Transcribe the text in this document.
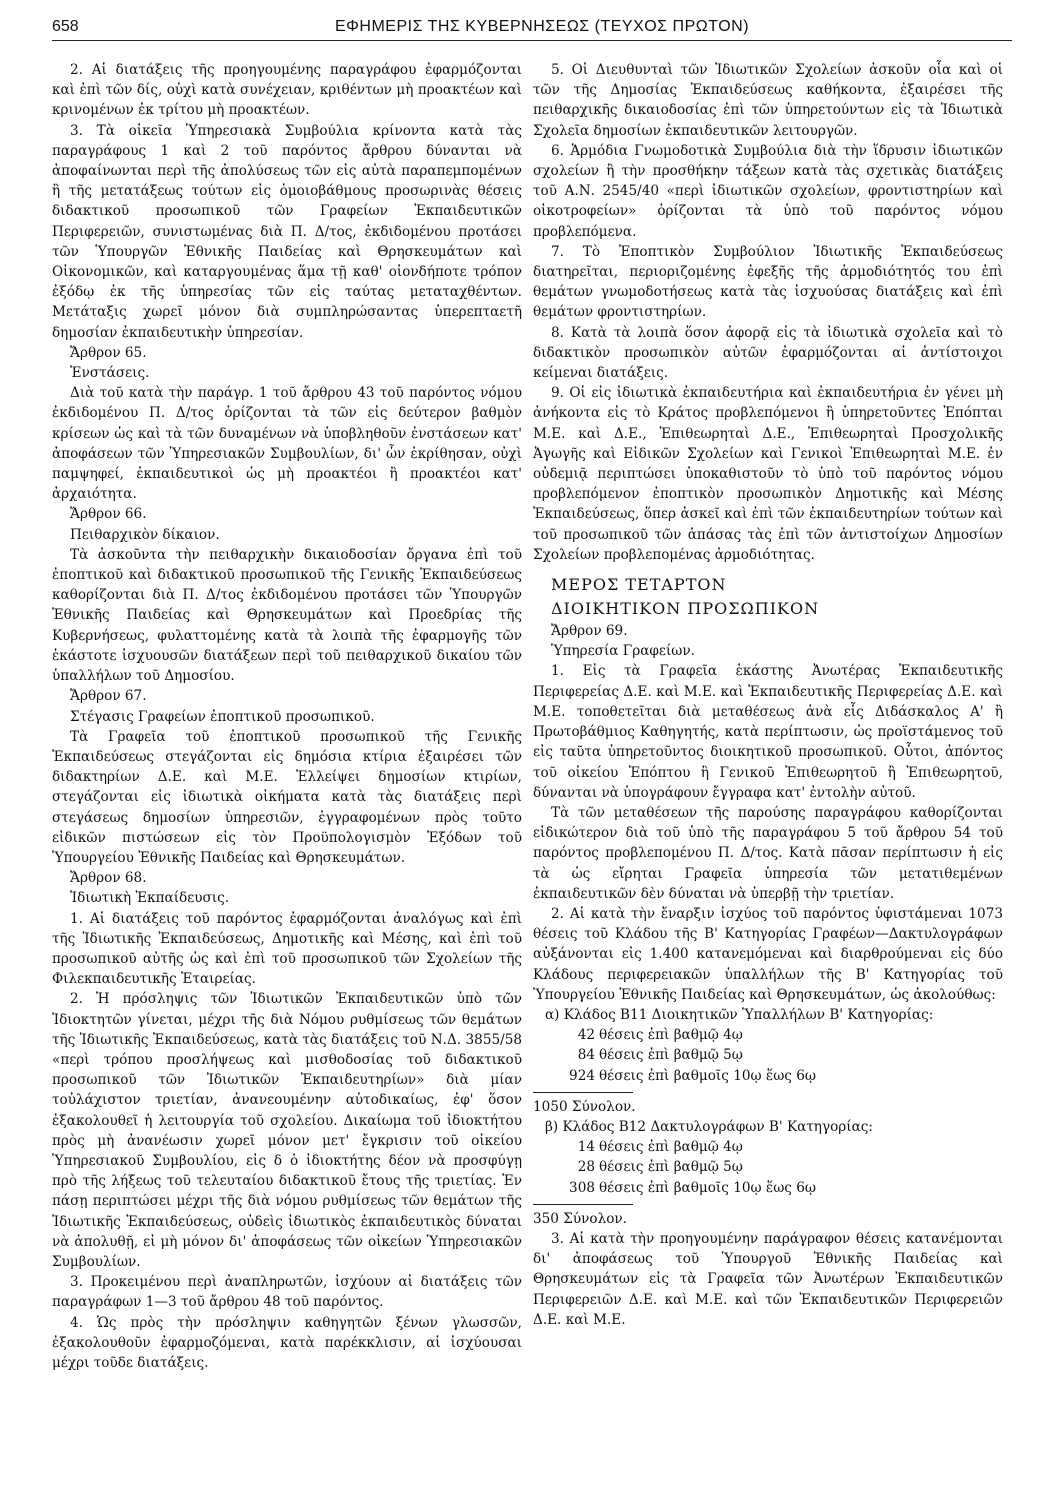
658	ΕΦΗΜΕΡΙΣ ΤΗΣ ΚΥΒΕΡΝΗΣΕΩΣ (ΤΕΥΧΟΣ ΠΡΩΤΟΝ)

2. Αἱ διατάξεις τῆς προηγουμένης παραγράφου ἐφαρμόζονται καὶ ἐπὶ τῶν δίς, οὐχὶ κατὰ συνέχειαν, κριθέντων μὴ προακτέων καὶ κρινομένων ἐκ τρίτου μὴ προακτέων.

3. Τὰ οἰκεῖα Ὑπηρεσιακὰ Συμβούλια κρίνοντα κατὰ τὰς παραγράφους 1 καὶ 2 τοῦ παρόντος ἄρθρου δύνανται νὰ ἀποφαίνωνται περὶ τῆς ἀπολύσεως τῶν εἰς αὐτὰ παραπεμπομένων ἢ τῆς μετατάξεως τούτων εἰς ὁμοιοβάθμους προσωρινὰς θέσεις διδακτικοῦ προσωπικοῦ τῶν Γραφείων Ἐκπαιδευτικῶν Περιφερειῶν, συνιστωμένας διὰ Π. Δ/τος, ἐκδιδομένου προτάσει τῶν Ὑπουργῶν Ἐθνικῆς Παιδείας καὶ Θρησκευμάτων καὶ Οἰκονομικῶν, καὶ καταργουμένας ἅμα τῇ καθ' οἱονδήποτε τρόπον ἐξόδῳ ἐκ τῆς ὑπηρεσίας τῶν εἰς ταύτας μεταταχθέντων. Μετάταξις χωρεῖ μόνον διὰ συμπληρώσαντας ὑπερεπταετῆ δημοσίαν ἐκπαιδευτικὴν ὑπηρεσίαν.

Ἄρθρον 65.

Ἐνστάσεις.

Διὰ τοῦ κατὰ τὴν παράγρ. 1 τοῦ ἄρθρου 43 τοῦ παρόντος νόμου ἐκδιδομένου Π. Δ/τος ὁρίζονται τὰ τῶν εἰς δεύτερον βαθμὸν κρίσεων ὡς καὶ τὰ τῶν δυναμένων νὰ ὑποβληθοῦν ἐνστάσεων κατ' ἀποφάσεων τῶν Ὑπηρεσιακῶν Συμβουλίων, δι' ὧν ἐκρίθησαν, οὐχὶ παμψηφεί, ἐκπαιδευτικοὶ ὡς μὴ προακτέοι ἢ προακτέοι κατ' ἀρχαιότητα.

Ἄρθρον 66.

Πειθαρχικὸν δίκαιον.

Τὰ ἀσκοῦντα τὴν πειθαρχικὴν δικαιοδοσίαν ὄργανα ἐπὶ τοῦ ἐποπτικοῦ καὶ διδακτικοῦ προσωπικοῦ τῆς Γενικῆς Ἐκπαιδεύσεως καθορίζονται διὰ Π. Δ/τος ἐκδιδομένου προτάσει τῶν Ὑπουργῶν Ἐθνικῆς Παιδείας καὶ Θρησκευμάτων καὶ Προεδρίας τῆς Κυβερνήσεως, φυλαττομένης κατὰ τὰ λοιπὰ τῆς ἐφαρμογῆς τῶν ἑκάστοτε ἰσχυουσῶν διατάξεων περὶ τοῦ πειθαρχικοῦ δικαίου τῶν ὑπαλλήλων τοῦ Δημοσίου.

Ἄρθρον 67.

Στέγασις Γραφείων ἐποπτικοῦ προσωπικοῦ.

Τὰ Γραφεῖα τοῦ ἐποπτικοῦ προσωπικοῦ τῆς Γενικῆς Ἐκπαιδεύσεως στεγάζονται εἰς δημόσια κτίρια ἐξαιρέσει τῶν διδακτηρίων Δ.Ε. καὶ Μ.Ε. Ἐλλείψει δημοσίων κτιρίων, στεγάζονται εἰς ἰδιωτικὰ οἰκήματα κατὰ τὰς διατάξεις περὶ στεγάσεως δημοσίων ὑπηρεσιῶν, ἐγγραφομένων πρὸς τοῦτο εἰδικῶν πιστώσεων εἰς τὸν Προϋπολογισμὸν Ἐξόδων τοῦ Ὑπουργείου Ἐθνικῆς Παιδείας καὶ Θρησκευμάτων.

Ἄρθρον 68.

Ἰδιωτικὴ Ἐκπαίδευσις.

1. Αἱ διατάξεις τοῦ παρόντος ἐφαρμόζονται ἀναλόγως καὶ ἐπὶ τῆς Ἰδιωτικῆς Ἐκπαιδεύσεως, Δημοτικῆς καὶ Μέσης, καὶ ἐπὶ τοῦ προσωπικοῦ αὐτῆς ὡς καὶ ἐπὶ τοῦ προσωπικοῦ τῶν Σχολείων τῆς Φιλεκπαιδευτικῆς Ἑταιρείας.

2. Ἡ πρόσληψις τῶν Ἰδιωτικῶν Ἐκπαιδευτικῶν ὑπὸ τῶν Ἰδιοκτητῶν γίνεται, μέχρι τῆς διὰ Νόμου ρυθμίσεως τῶν θεμάτων τῆς Ἰδιωτικῆς Ἐκπαιδεύσεως, κατὰ τὰς διατάξεις τοῦ Ν.Δ. 3855/58 «περὶ τρόπου προσλήψεως καὶ μισθοδοσίας τοῦ διδακτικοῦ προσωπικοῦ τῶν Ἰδιωτικῶν Ἐκπαιδευτηρίων» διὰ μίαν τοὐλάχιστον τριετίαν, ἀνανεουμένην αὐτοδικαίως, ἐφ' ὅσον ἐξακολουθεῖ ἡ λειτουργία τοῦ σχολείου. Δικαίωμα τοῦ ἰδιοκτήτου πρὸς μὴ ἀνανέωσιν χωρεῖ μόνον μετ' ἔγκρισιν τοῦ οἰκείου Ὑπηρεσιακοῦ Συμβουλίου, εἰς δ ὁ ἰδιοκτήτης δέον νὰ προσφύγῃ πρὸ τῆς λήξεως τοῦ τελευταίου διδακτικοῦ ἔτους τῆς τριετίας. Ἐν πάσῃ περιπτώσει μέχρι τῆς διὰ νόμου ρυθμίσεως τῶν θεμάτων τῆς Ἰδιωτικῆς Ἐκπαιδεύσεως, οὐδεὶς ἰδιωτικὸς ἐκπαιδευτικὸς δύναται νὰ ἀπολυθῇ, εἰ μὴ μόνον δι' ἀποφάσεως τῶν οἰκείων Ὑπηρεσιακῶν Συμβουλίων.

3. Προκειμένου περὶ ἀναπληρωτῶν, ἰσχύουν αἱ διατάξεις τῶν παραγράφων 1—3 τοῦ ἄρθρου 48 τοῦ παρόντος.

4. Ὡς πρὸς τὴν πρόσληψιν καθηγητῶν ξένων γλωσσῶν, ἐξακολουθοῦν ἐφαρμοζόμεναι, κατὰ παρέκκλισιν, αἱ ἰσχύουσαι μέχρι τοῦδε διατάξεις.

5. Οἱ Διευθυνταὶ τῶν Ἰδιωτικῶν Σχολείων ἀσκοῦν οἷα καὶ οἱ τῶν τῆς Δημοσίας Ἐκπαιδεύσεως καθήκοντα, ἐξαιρέσει τῆς πειθαρχικῆς δικαιοδοσίας ἐπὶ τῶν ὑπηρετούντων εἰς τὰ Ἰδιωτικὰ Σχολεῖα δημοσίων ἐκπαιδευτικῶν λειτουργῶν.

6. Ἁρμόδια Γνωμοδοτικὰ Συμβούλια διὰ τὴν ἵδρυσιν ἰδιωτικῶν σχολείων ἢ τὴν προσθήκην τάξεων κατὰ τὰς σχετικὰς διατάξεις τοῦ Α.Ν. 2545/40 «περὶ ἰδιωτικῶν σχολείων, φροντιστηρίων καὶ οἰκοτροφείων» ὁρίζονται τὰ ὑπὸ τοῦ παρόντος νόμου προβλεπόμενα.

7. Τὸ Ἐποπτικὸν Συμβούλιον Ἰδιωτικῆς Ἐκπαιδεύσεως διατηρεῖται, περιοριζομένης ἐφεξῆς τῆς ἁρμοδιότητός του ἐπὶ θεμάτων γνωμοδοτήσεως κατὰ τὰς ἰσχυούσας διατάξεις καὶ ἐπὶ θεμάτων φροντιστηρίων.

8. Κατὰ τὰ λοιπὰ ὅσον ἀφορᾷ εἰς τὰ ἰδιωτικὰ σχολεῖα καὶ τὸ διδακτικὸν προσωπικὸν αὐτῶν ἐφαρμόζονται αἱ ἀντίστοιχοι κείμεναι διατάξεις.

9. Οἱ εἰς ἰδιωτικὰ ἐκπαιδευτήρια καὶ ἐκπαιδευτήρια ἐν γένει μὴ ἀνήκοντα εἰς τὸ Κράτος προβλεπόμενοι ἢ ὑπηρετοῦντες Ἐπόπται Μ.Ε. καὶ Δ.Ε., Ἐπιθεωρηταὶ Δ.Ε., Ἐπιθεωρηταὶ Προσχολικῆς Ἀγωγῆς καὶ Εἰδικῶν Σχολείων καὶ Γενικοὶ Ἐπιθεωρηταὶ Μ.Ε. ἐν οὐδεμιᾷ περιπτώσει ὑποκαθιστοῦν τὸ ὑπὸ τοῦ παρόντος νόμου προβλεπόμενον ἐποπτικὸν προσωπικὸν Δημοτικῆς καὶ Μέσης Ἐκπαιδεύσεως, ὅπερ ἀσκεῖ καὶ ἐπὶ τῶν ἐκπαιδευτηρίων τούτων καὶ τοῦ προσωπικοῦ τῶν ἁπάσας τὰς ἐπὶ τῶν ἀντιστοίχων Δημοσίων Σχολείων προβλεπομένας ἁρμοδιότητας.

ΜΕΡΟΣ ΤΕΤΑΡΤΟΝ

ΔΙΟΙΚΗΤΙΚΟΝ ΠΡΟΣΩΠΙΚΟΝ

Ἄρθρον 69.

Ὑπηρεσία Γραφείων.

1. Εἰς τὰ Γραφεῖα ἑκάστης Ἀνωτέρας Ἐκπαιδευτικῆς Περιφερείας Δ.Ε. καὶ Μ.Ε. καὶ Ἐκπαιδευτικῆς Περιφερείας Δ.Ε. καὶ Μ.Ε. τοποθετεῖται διὰ μεταθέσεως ἀνὰ εἷς Διδάσκαλος Α' ἢ Πρωτοβάθμιος Καθηγητής, κατὰ περίπτωσιν, ὡς προϊστάμενος τοῦ εἰς ταῦτα ὑπηρετοῦντος διοικητικοῦ προσωπικοῦ. Οὗτοι, ἀπόντος τοῦ οἰκείου Ἐπόπτου ἢ Γενικοῦ Ἐπιθεωρητοῦ ἢ Ἐπιθεωρητοῦ, δύνανται νὰ ὑπογράφουν ἔγγραφα κατ' ἐντολὴν αὐτοῦ.

Τὰ τῶν μεταθέσεων τῆς παρούσης παραγράφου καθορίζονται εἰδικώτερον διὰ τοῦ ὑπὸ τῆς παραγράφου 5 τοῦ ἄρθρου 54 τοῦ παρόντος προβλεπομένου Π. Δ/τος. Κατὰ πᾶσαν περίπτωσιν ἡ εἰς τὰ ὡς εἴρηται Γραφεῖα ὑπηρεσία τῶν μετατιθεμένων ἐκπαιδευτικῶν δὲν δύναται νὰ ὑπερβῇ τὴν τριετίαν.

2. Αἱ κατὰ τὴν ἔναρξιν ἰσχύος τοῦ παρόντος ὑφιστάμεναι 1073 θέσεις τοῦ Κλάδου τῆς Β' Κατηγορίας Γραφέων—Δακτυλογράφων αὐξάνονται εἰς 1.400 κατανεμόμεναι καὶ διαρθρούμεναι εἰς δύο Κλάδους περιφερειακῶν ὑπαλλήλων τῆς Β' Κατηγορίας τοῦ Ὑπουργείου Ἐθνικῆς Παιδείας καὶ Θρησκευμάτων, ὡς ἀκολούθως:

α) Κλάδος Β11 Διοικητικῶν Ὑπαλλήλων Β' Κατηγορίας:

42 θέσεις ἐπὶ βαθμῷ 4ῳ
84 θέσεις ἐπὶ βαθμῷ 5ῳ
924 θέσεις ἐπὶ βαθμοῖς 10ῳ ἕως 6ῳ

1050 Σύνολον.

β) Κλάδος Β12 Δακτυλογράφων Β' Κατηγορίας:

14 θέσεις ἐπὶ βαθμῷ 4ῳ
28 θέσεις ἐπὶ βαθμῷ 5ῳ
308 θέσεις ἐπὶ βαθμοῖς 10ῳ ἕως 6ῳ

350 Σύνολον.

3. Αἱ κατὰ τὴν προηγουμένην παράγραφον θέσεις κατανέμονται δι' ἀποφάσεως τοῦ Ὑπουργοῦ Ἐθνικῆς Παιδείας καὶ Θρησκευμάτων εἰς τὰ Γραφεῖα τῶν Ἀνωτέρων Ἐκπαιδευτικῶν Περιφερειῶν Δ.Ε. καὶ Μ.Ε. καὶ τῶν Ἐκπαιδευτικῶν Περιφερειῶν Δ.Ε. καὶ Μ.Ε.
